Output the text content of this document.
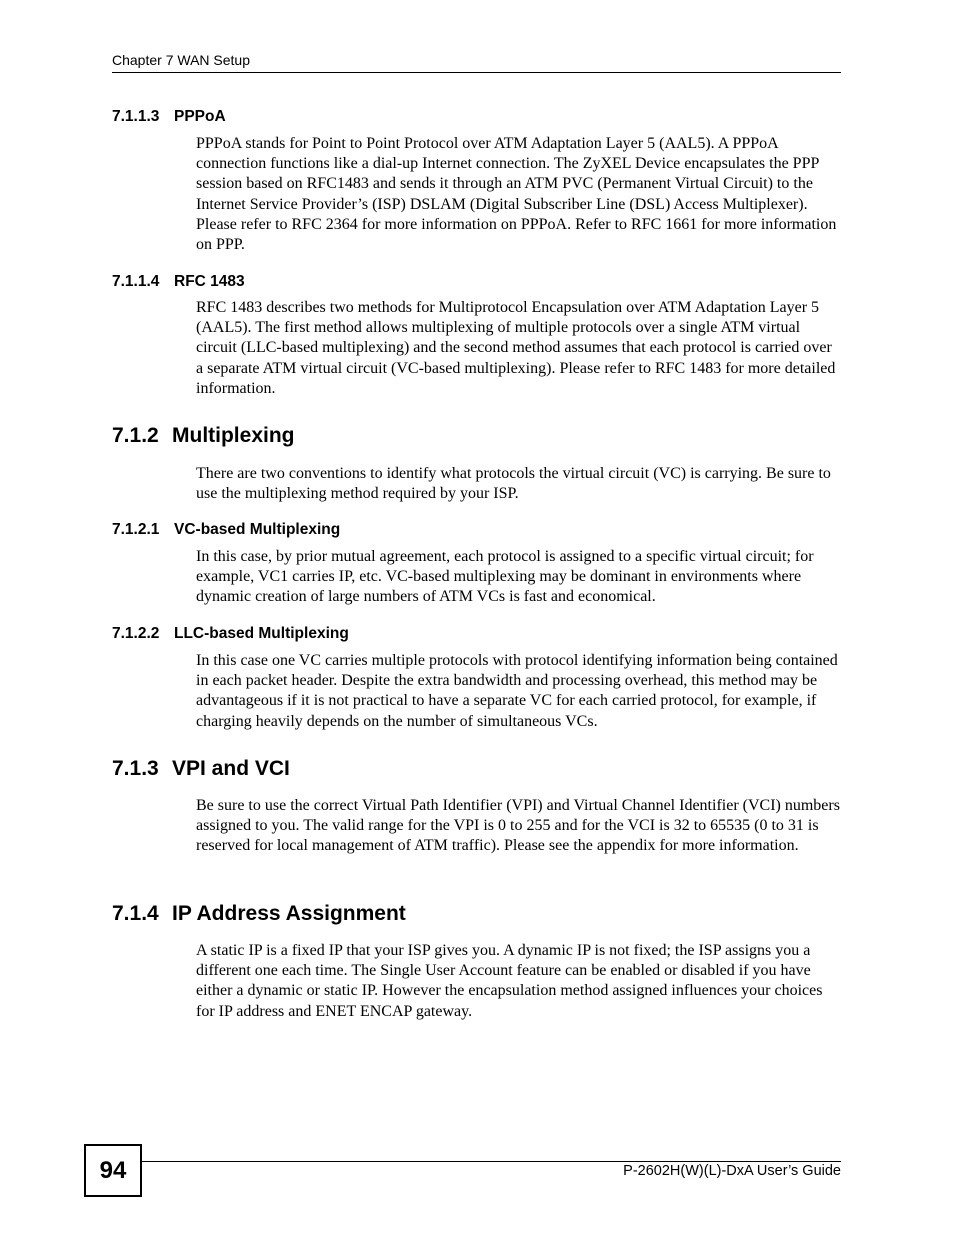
Chapter 7 WAN Setup
7.1.1.3 PPPoA

PPPoA stands for Point to Point Protocol over ATM Adaptation Layer 5 (AAL5). A PPPoA connection functions like a dial-up Internet connection. The ZyXEL Device encapsulates the PPP session based on RFC1483 and sends it through an ATM PVC (Permanent Virtual Circuit) to the Internet Service Provider’s (ISP) DSLAM (Digital Subscriber Line (DSL) Access Multiplexer). Please refer to RFC 2364 for more information on PPPoA. Refer to RFC 1661 for more information on PPP.

7.1.1.4 RFC 1483

RFC 1483 describes two methods for Multiprotocol Encapsulation over ATM Adaptation Layer 5 (AAL5). The first method allows multiplexing of multiple protocols over a single ATM virtual circuit (LLC-based multiplexing) and the second method assumes that each protocol is carried over a separate ATM virtual circuit (VC-based multiplexing). Please refer to RFC 1483 for more detailed information.

7.1.2 Multiplexing

There are two conventions to identify what protocols the virtual circuit (VC) is carrying. Be sure to use the multiplexing method required by your ISP.

7.1.2.1 VC-based Multiplexing

In this case, by prior mutual agreement, each protocol is assigned to a specific virtual circuit; for example, VC1 carries IP, etc. VC-based multiplexing may be dominant in environments where dynamic creation of large numbers of ATM VCs is fast and economical.

7.1.2.2 LLC-based Multiplexing

In this case one VC carries multiple protocols with protocol identifying information being contained in each packet header. Despite the extra bandwidth and processing overhead, this method may be advantageous if it is not practical to have a separate VC for each carried protocol, for example, if charging heavily depends on the number of simultaneous VCs.

7.1.3 VPI and VCI

Be sure to use the correct Virtual Path Identifier (VPI) and Virtual Channel Identifier (VCI) numbers assigned to you. The valid range for the VPI is 0 to 255 and for the VCI is 32 to 65535 (0 to 31 is reserved for local management of ATM traffic). Please see the appendix for more information.

7.1.4 IP Address Assignment

A static IP is a fixed IP that your ISP gives you. A dynamic IP is not fixed; the ISP assigns you a different one each time. The Single User Account feature can be enabled or disabled if you have either a dynamic or static IP. However the encapsulation method assigned influences your choices for IP address and ENET ENCAP gateway.

94	P-2602H(W)(L)-DxA User’s Guide
